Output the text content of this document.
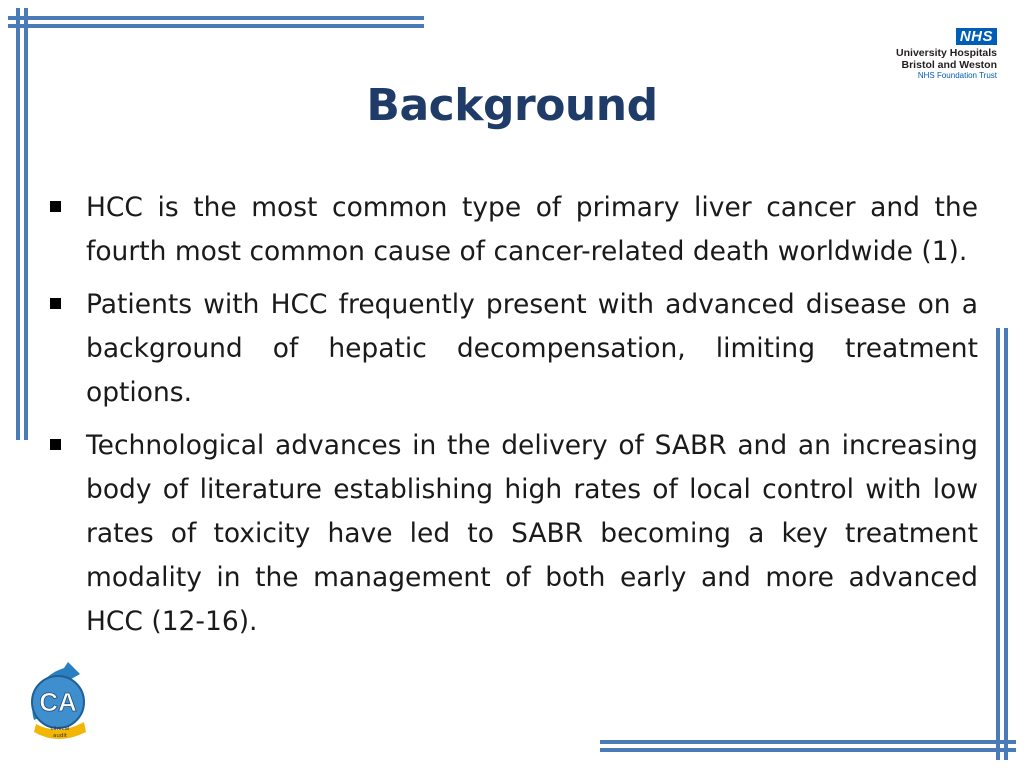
NHS
University Hospitals
Bristol and Weston
NHS Foundation Trust
Background
HCC is the most common type of primary liver cancer and the fourth most common cause of cancer-related death worldwide (1).
Patients with HCC frequently present with advanced disease on a background of hepatic decompensation, limiting treatment options.
Technological advances in the delivery of SABR and an increasing body of literature establishing high rates of local control with low rates of toxicity have led to SABR becoming a key treatment modality in the management of both early and more advanced HCC (12-16).
CA
clinical
audit
